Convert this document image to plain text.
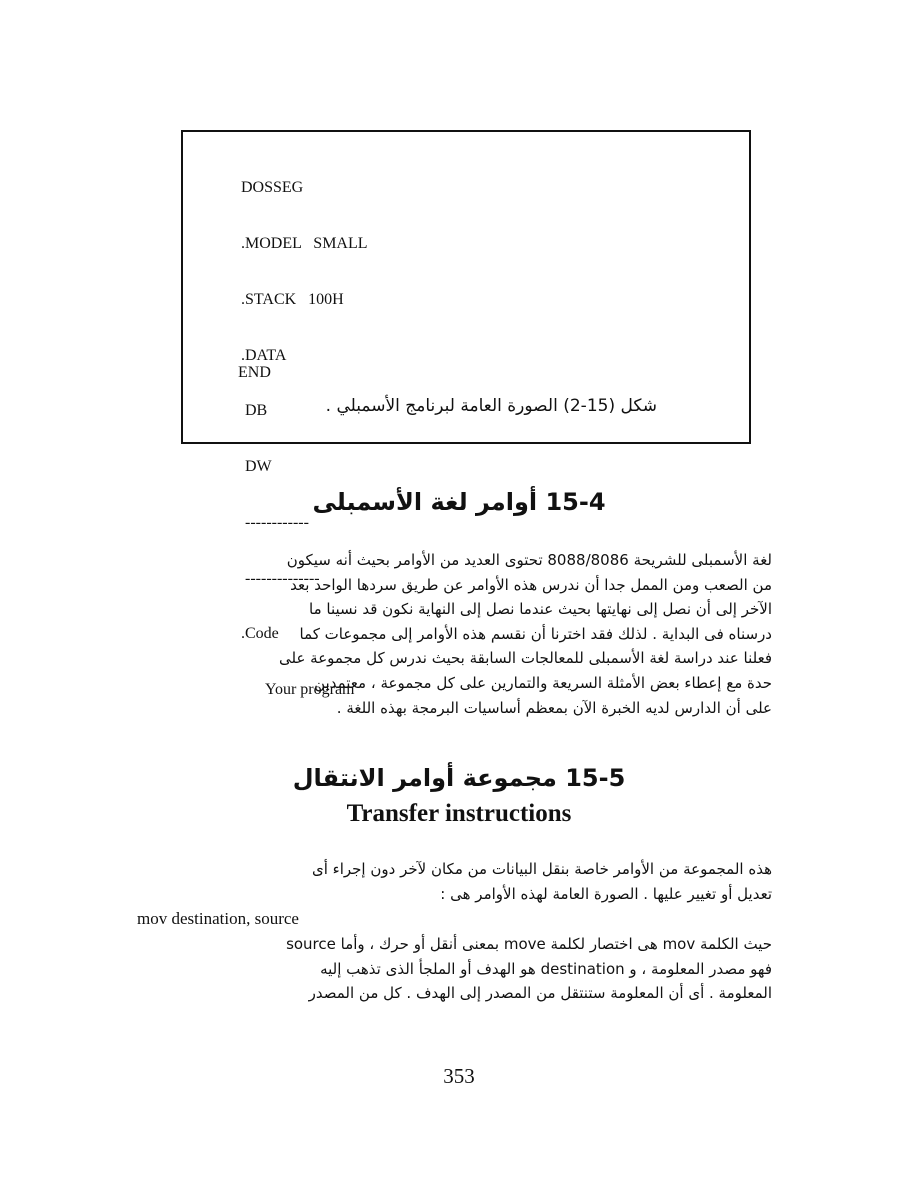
DOSSEG

.MODEL   SMALL

.STACK   100H

.DATA

DB

DW

------------

--------------

.Code

Your program

END
شكل (15-2) الصورة العامة لبرنامج الأسمبلي .
15-4 أوامر لغة الأسمبلى
لغة الأسمبلى للشريحة 8088/8086 تحتوى العديد من الأوامر بحيث أنه سيكون
من الصعب ومن الممل جدا أن ندرس هذه الأوامر عن طريق سردها الواحد بعد
الآخر إلى أن نصل إلى نهايتها بحيث عندما نصل إلى النهاية نكون قد نسينا ما
درسناه فى البداية . لذلك فقد اخترنا أن نقسم هذه الأوامر إلى مجموعات كما
فعلنا عند دراسة لغة الأسمبلى للمعالجات السابقة بحيث ندرس كل مجموعة على
حدة مع إعطاء بعض الأمثلة السريعة والتمارين على كل مجموعة ، معتمدين
على أن الدارس لديه الخبرة الآن بمعظم أساسيات البرمجة بهذه اللغة .
15-5 مجموعة أوامر الانتقال
Transfer instructions
هذه المجموعة من الأوامر خاصة بنقل البيانات من مكان لآخر دون إجراء أى
تعديل أو تغيير عليها . الصورة العامة لهذه الأوامر هى :
mov destination, source
حيث الكلمة mov هى اختصار لكلمة move بمعنى أنقل أو حرك ، وأما source
فهو مصدر المعلومة ، و destination هو الهدف أو الملجأ الذى تذهب إليه
المعلومة . أى أن المعلومة ستنتقل من المصدر إلى الهدف . كل من المصدر
353
